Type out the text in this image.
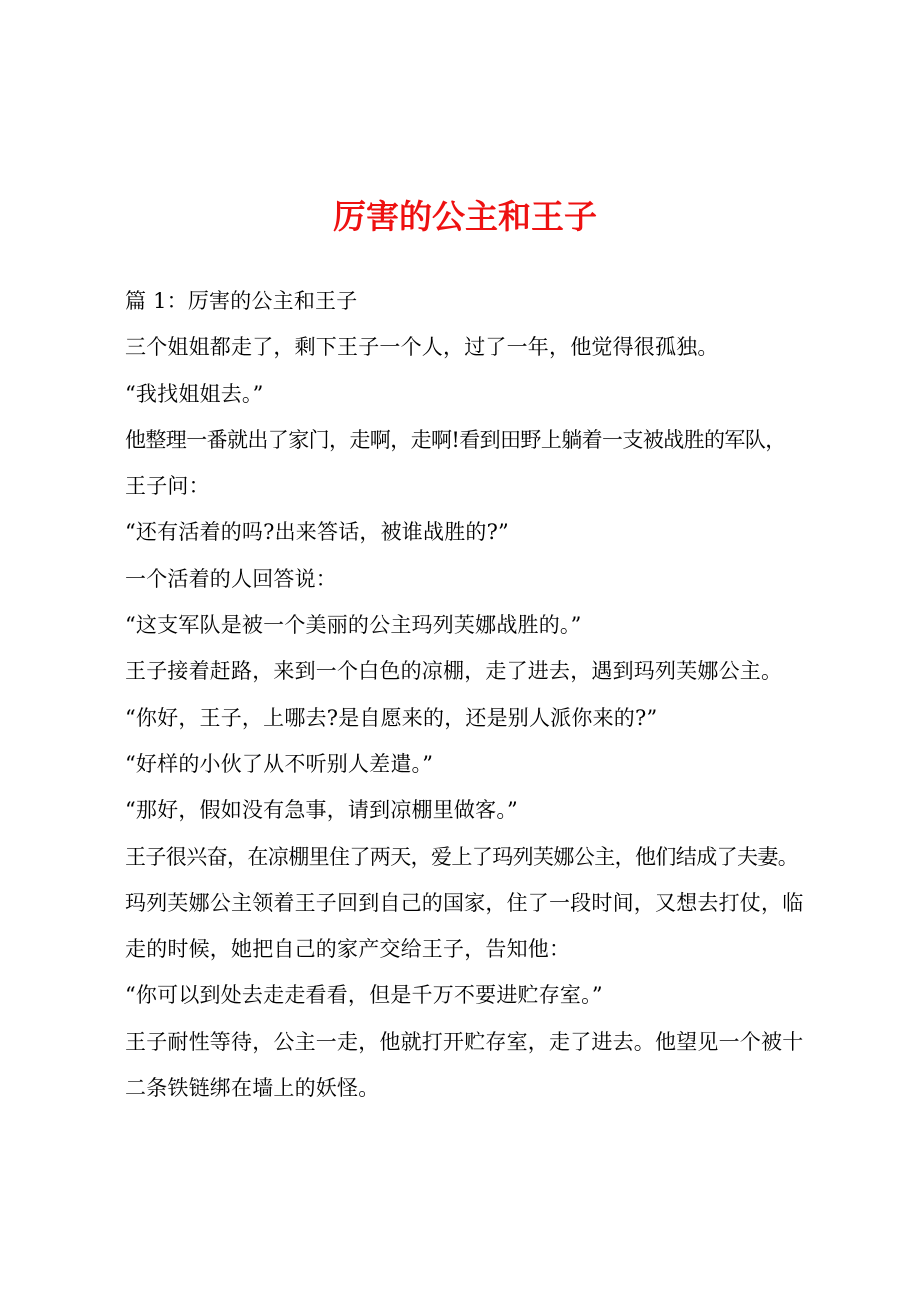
厉害的公主和王子
篇 1：厉害的公主和王子
三个姐姐都走了，剩下王子一个人，过了一年，他觉得很孤独。
“我找姐姐去。”
他整理一番就出了家门，走啊，走啊!看到田野上躺着一支被战胜的军队，
王子问：
“还有活着的吗?出来答话，被谁战胜的?”
一个活着的人回答说：
“这支军队是被一个美丽的公主玛列芙娜战胜的。”
王子接着赶路，来到一个白色的凉棚，走了进去，遇到玛列芙娜公主。
“你好，王子，上哪去?是自愿来的，还是别人派你来的?”
“好样的小伙了从不听别人差遣。”
“那好，假如没有急事，请到凉棚里做客。”
王子很兴奋，在凉棚里住了两天，爱上了玛列芙娜公主，他们结成了夫妻。
玛列芙娜公主领着王子回到自己的国家，住了一段时间，又想去打仗，临
走的时候，她把自己的家产交给王子，告知他：
“你可以到处去走走看看，但是千万不要进贮存室。”
王子耐性等待，公主一走，他就打开贮存室，走了进去。他望见一个被十
二条铁链绑在墙上的妖怪。
